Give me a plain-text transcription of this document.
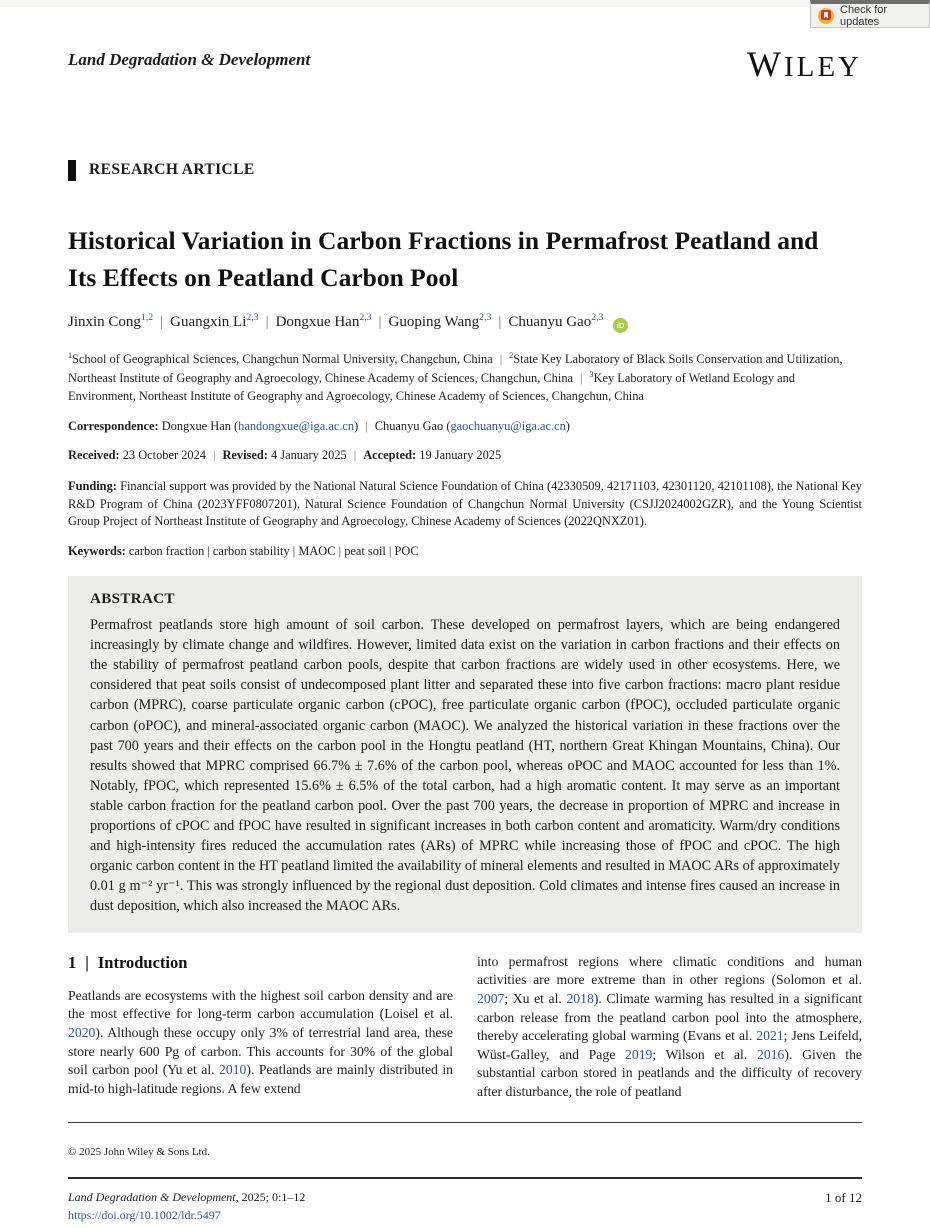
Check for updates
Land Degradation & Development	WILEY
RESEARCH ARTICLE
Historical Variation in Carbon Fractions in Permafrost Peatland and Its Effects on Peatland Carbon Pool
Jinxin Cong$^{1,2}$ | Guangxin Li$^{2,3}$ | Dongxue Han$^{2,3}$ | Guoping Wang$^{2,3}$ | Chuanyu Gao$^{2,3}$ iD
$^1$School of Geographical Sciences, Changchun Normal University, Changchun, China | $^2$State Key Laboratory of Black Soils Conservation and Utilization, Northeast Institute of Geography and Agroecology, Chinese Academy of Sciences, Changchun, China | $^3$Key Laboratory of Wetland Ecology and Environment, Northeast Institute of Geography and Agroecology, Chinese Academy of Sciences, Changchun, China
Correspondence: Dongxue Han (handongxue@iga.ac.cn) | Chuanyu Gao (gaochuanyu@iga.ac.cn)
Received: 23 October 2024 | Revised: 4 January 2025 | Accepted: 19 January 2025
Funding: Financial support was provided by the National Natural Science Foundation of China (42330509, 42171103, 42301120, 42101108), the National Key R&D Program of China (2023YFF0807201), Natural Science Foundation of Changchun Normal University (CSJJ2024002GZR), and the Young Scientist Group Project of Northeast Institute of Geography and Agroecology, Chinese Academy of Sciences (2022QNXZ01).
Keywords: carbon fraction | carbon stability | MAOC | peat soil | POC
ABSTRACT

Permafrost peatlands store high amount of soil carbon. These developed on permafrost layers, which are being endangered increasingly by climate change and wildfires. However, limited data exist on the variation in carbon fractions and their effects on the stability of permafrost peatland carbon pools, despite that carbon fractions are widely used in other ecosystems. Here, we considered that peat soils consist of undecomposed plant litter and separated these into five carbon fractions: macro plant residue carbon (MPRC), coarse particulate organic carbon (cPOC), free particulate organic carbon (fPOC), occluded particulate organic carbon (oPOC), and mineral-associated organic carbon (MAOC). We analyzed the historical variation in these fractions over the past 700 years and their effects on the carbon pool in the Hongtu peatland (HT, northern Great Khingan Mountains, China). Our results showed that MPRC comprised 66.7% ± 7.6% of the carbon pool, whereas oPOC and MAOC accounted for less than 1%. Notably, fPOC, which represented 15.6% ± 6.5% of the total carbon, had a high aromatic content. It may serve as an important stable carbon fraction for the peatland carbon pool. Over the past 700 years, the decrease in proportion of MPRC and increase in proportions of cPOC and fPOC have resulted in significant increases in both carbon content and aromaticity. Warm/dry conditions and high-intensity fires reduced the accumulation rates (ARs) of MPRC while increasing those of fPOC and cPOC. The high organic carbon content in the HT peatland limited the availability of mineral elements and resulted in MAOC ARs of approximately 0.01 g m⁻² yr⁻¹. This was strongly influenced by the regional dust deposition. Cold climates and intense fires caused an increase in dust deposition, which also increased the MAOC ARs.

1 | Introduction

Peatlands are ecosystems with the highest soil carbon density and are the most effective for long-term carbon accumulation (Loisel et al. 2020). Although these occupy only 3% of terrestrial land area, these store nearly 600 Pg of carbon. This accounts for 30% of the global soil carbon pool (Yu et al. 2010). Peatlands are mainly distributed in mid-to high-latitude regions. A few extend

into permafrost regions where climatic conditions and human activities are more extreme than in other regions (Solomon et al. 2007; Xu et al. 2018). Climate warming has resulted in a significant carbon release from the peatland carbon pool into the atmosphere, thereby accelerating global warming (Evans et al. 2021; Jens Leifeld, Wüst-Galley, and Page 2019; Wilson et al. 2016). Given the substantial carbon stored in peatlands and the difficulty of recovery after disturbance, the role of peatland

© 2025 John Wiley & Sons Ltd.
Land Degradation & Development, 2025; 0:1–12
https://doi.org/10.1002/ldr.5497
1 of 12
